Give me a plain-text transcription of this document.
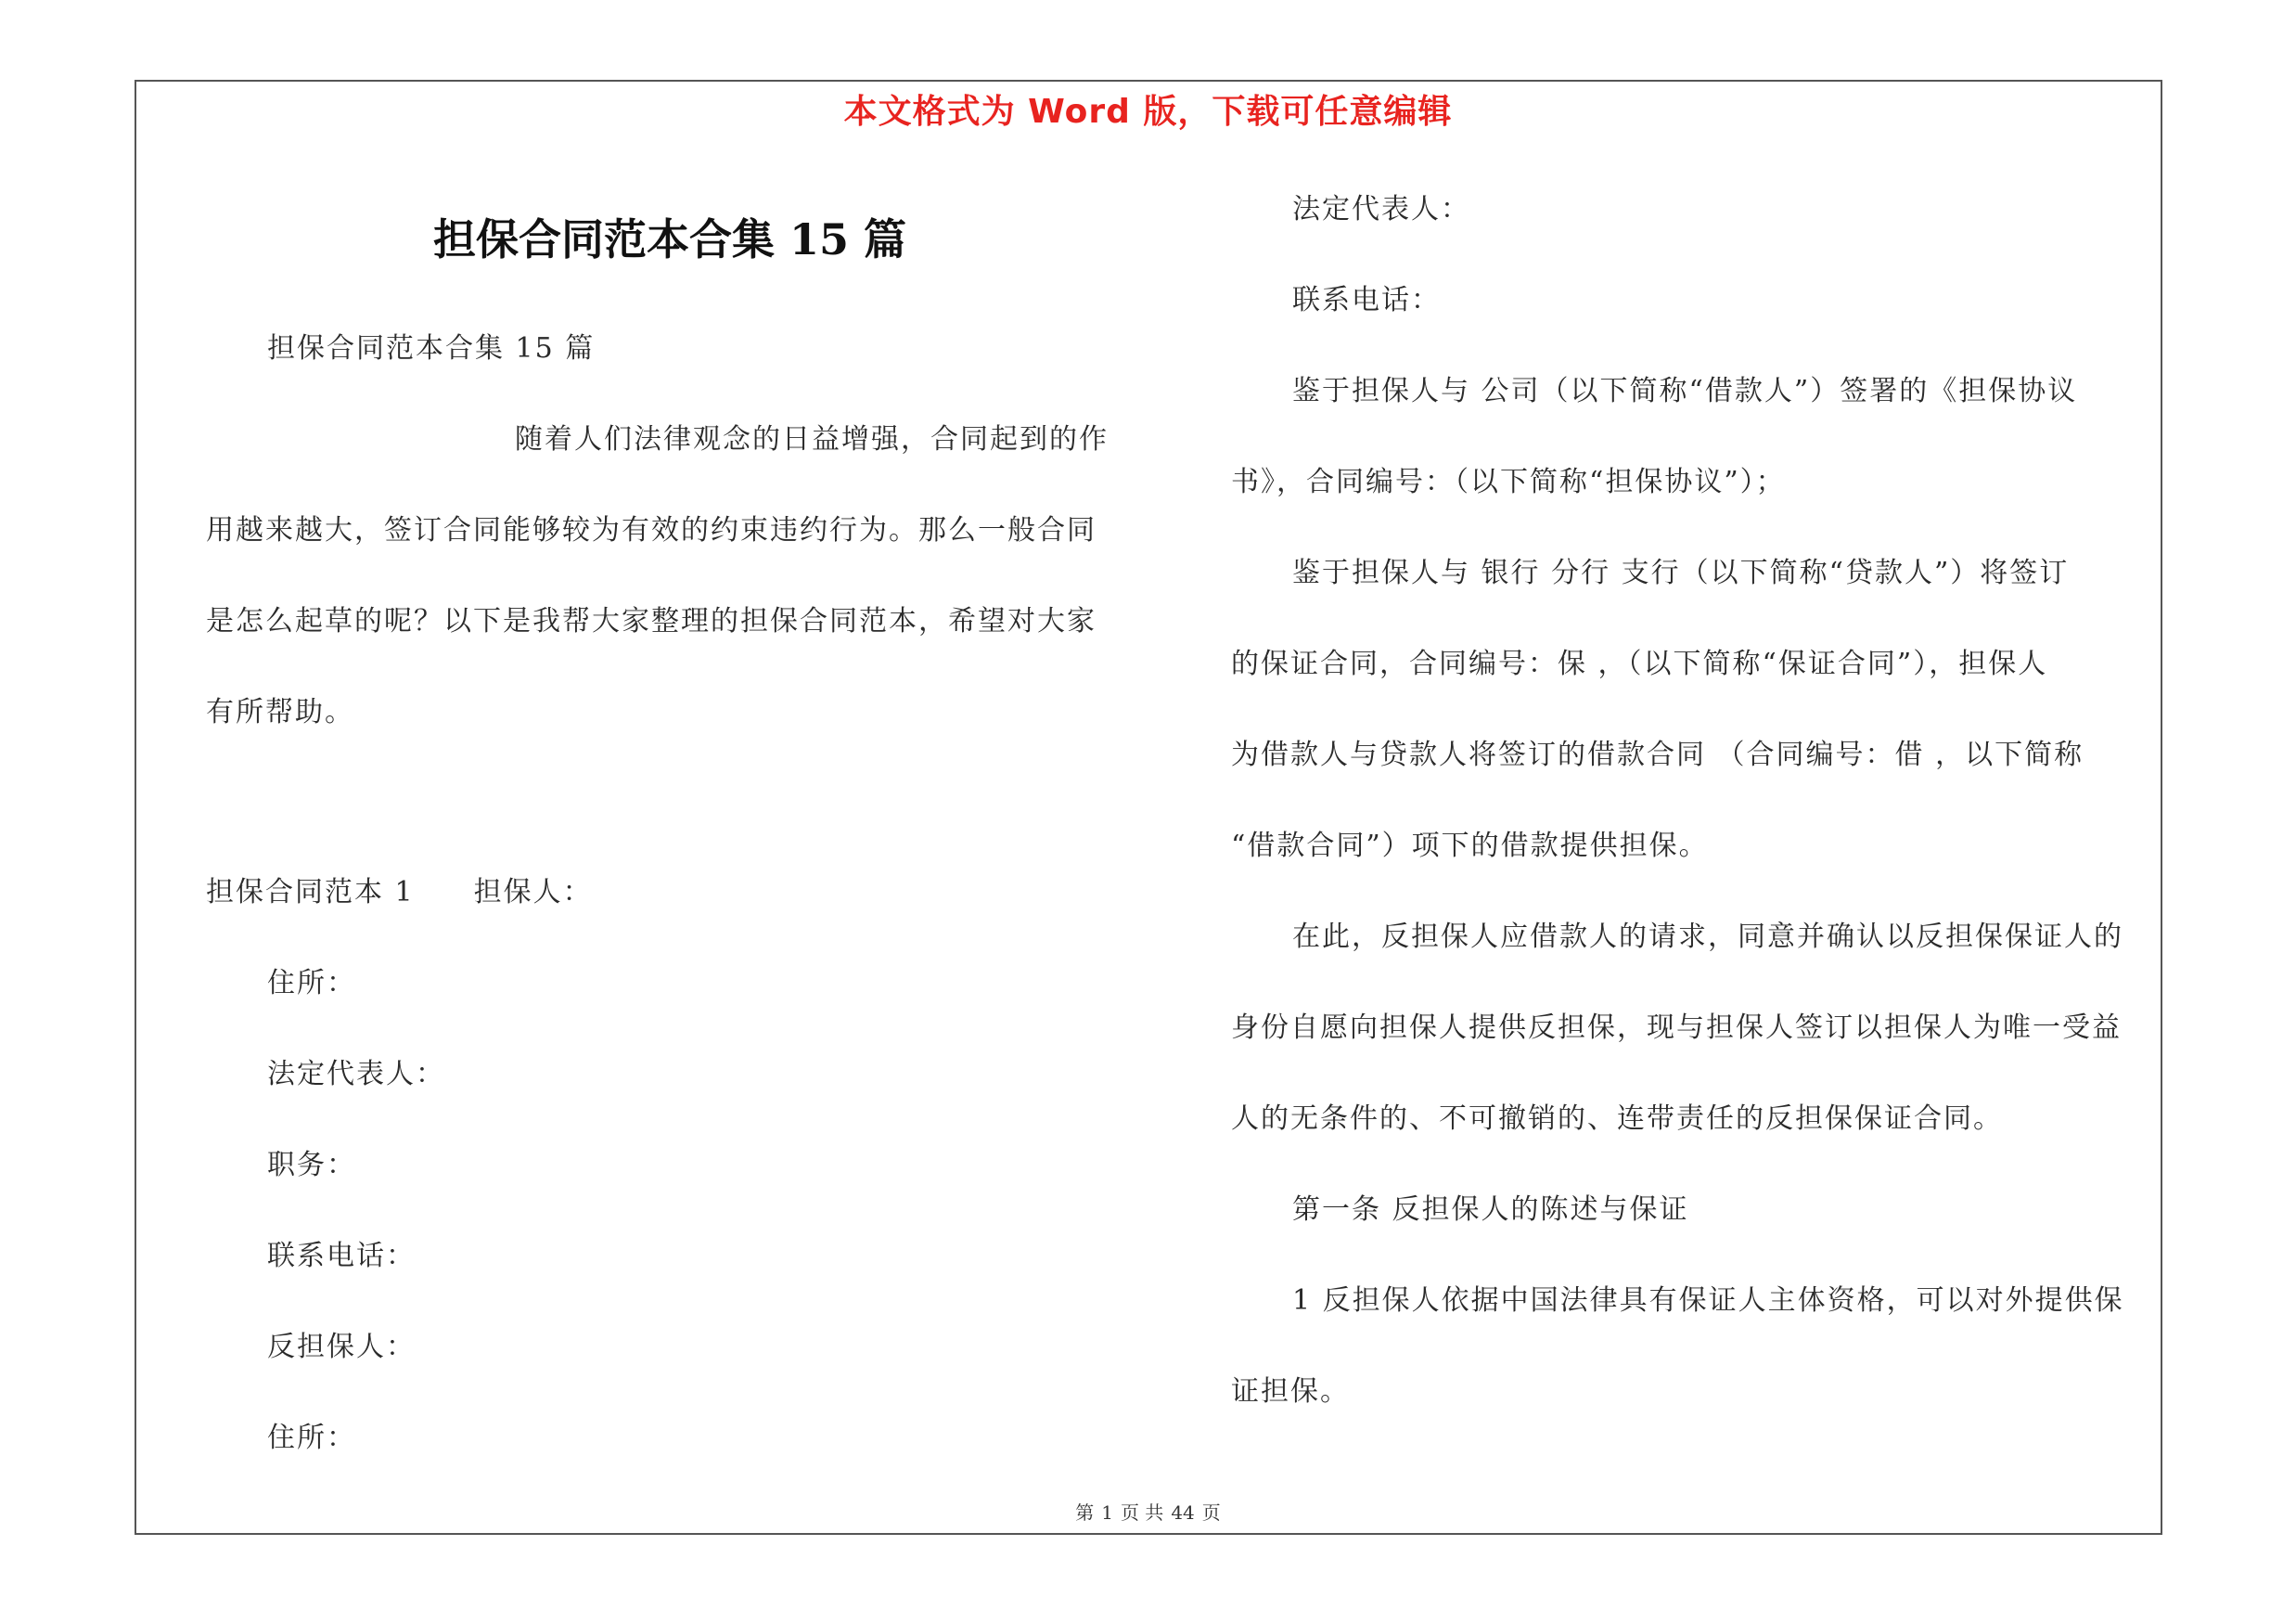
本文格式为 Word 版，下载可任意编辑
担保合同范本合集 15 篇
担保合同范本合集 15 篇
随着人们法律观念的日益增强，合同起到的作
用越来越大，签订合同能够较为有效的约束违约行为。那么一般合同
是怎么起草的呢？以下是我帮大家整理的担保合同范本，希望对大家
有所帮助。
担保合同范本 1　　担保人：
住所：
法定代表人：
职务：
联系电话：
反担保人：
住所：
法定代表人：
联系电话：
鉴于担保人与 公司（以下简称“借款人”）签署的《担保协议
书》，合同编号：（以下简称“担保协议”）；
鉴于担保人与 银行 分行 支行（以下简称“贷款人”）将签订
的保证合同，合同编号：保 ，（以下简称“保证合同”），担保人
为借款人与贷款人将签订的借款合同 （合同编号：借 ，以下简称
“借款合同”）项下的借款提供担保。
在此，反担保人应借款人的请求，同意并确认以反担保保证人的
身份自愿向担保人提供反担保，现与担保人签订以担保人为唯一受益
人的无条件的、不可撤销的、连带责任的反担保保证合同。
第一条 反担保人的陈述与保证
1 反担保人依据中国法律具有保证人主体资格，可以对外提供保
证担保。
第 1 页 共 44 页
